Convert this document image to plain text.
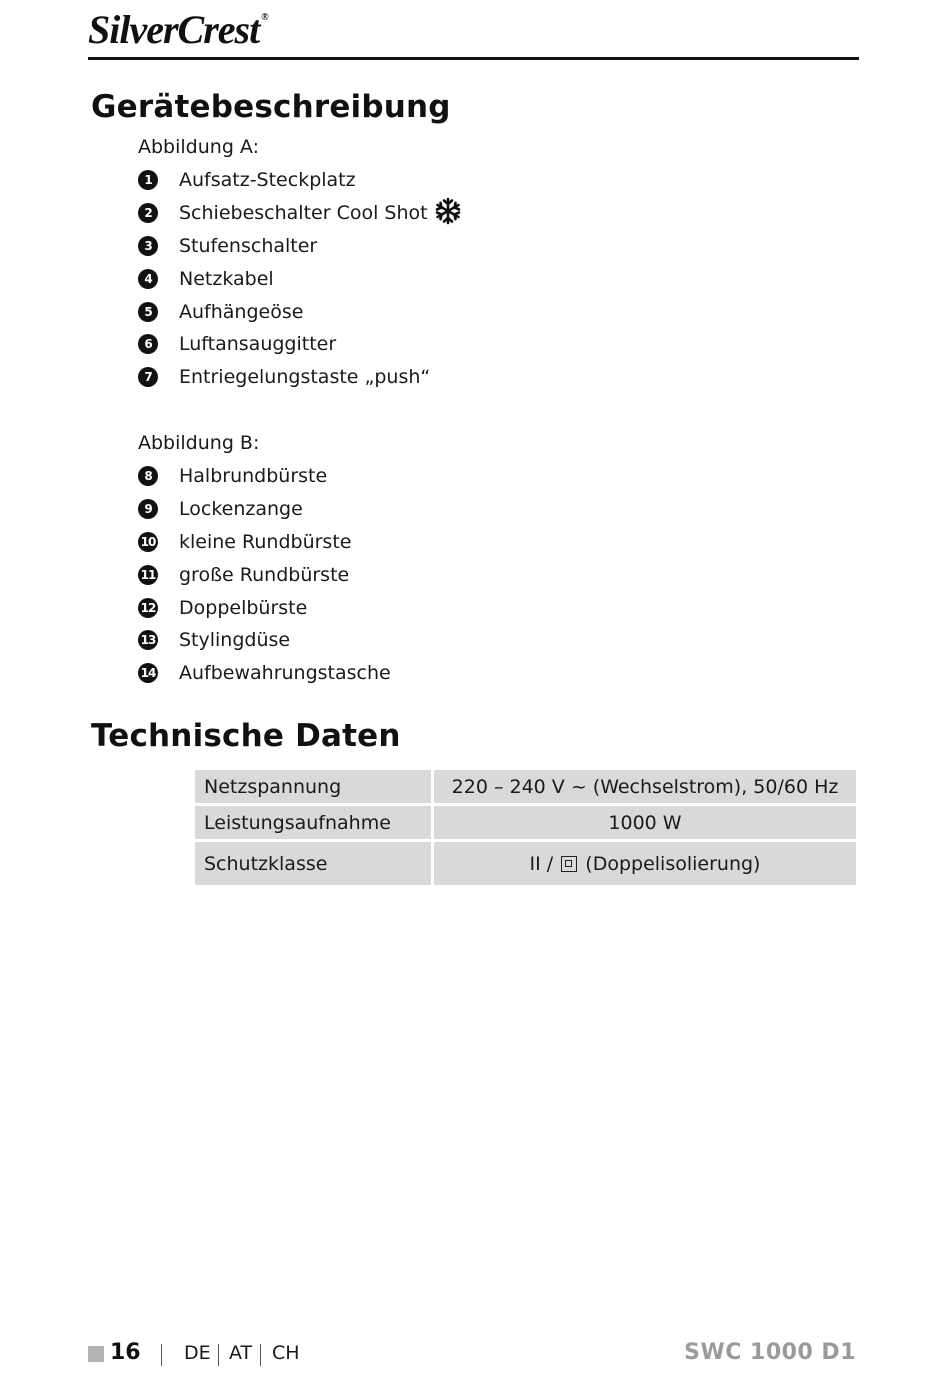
SilverCrest ®
Gerätebeschreibung
Abbildung A:
1	Aufsatz-Steckplatz
2	Schiebeschalter Cool Shot
3	Stufenschalter
4	Netzkabel
5	Aufhängeöse
6	Luftansauggitter
7	Entriegelungstaste „push“
Abbildung B:
8	Halbrundbürste
9	Lockenzange
10 kleine Rundbürste
11 große Rundbürste
12 Doppelbürste
13 Stylingdüse
14 Aufbewahrungstasche
Technische Daten
Netzspannung	220 – 240 V ~ (Wechselstrom), 50/60 Hz
Leistungsaufnahme	1000 W
Schutzklasse	II / (Doppelisolierung)
16 DE AT CH	SWC 1000 D1
